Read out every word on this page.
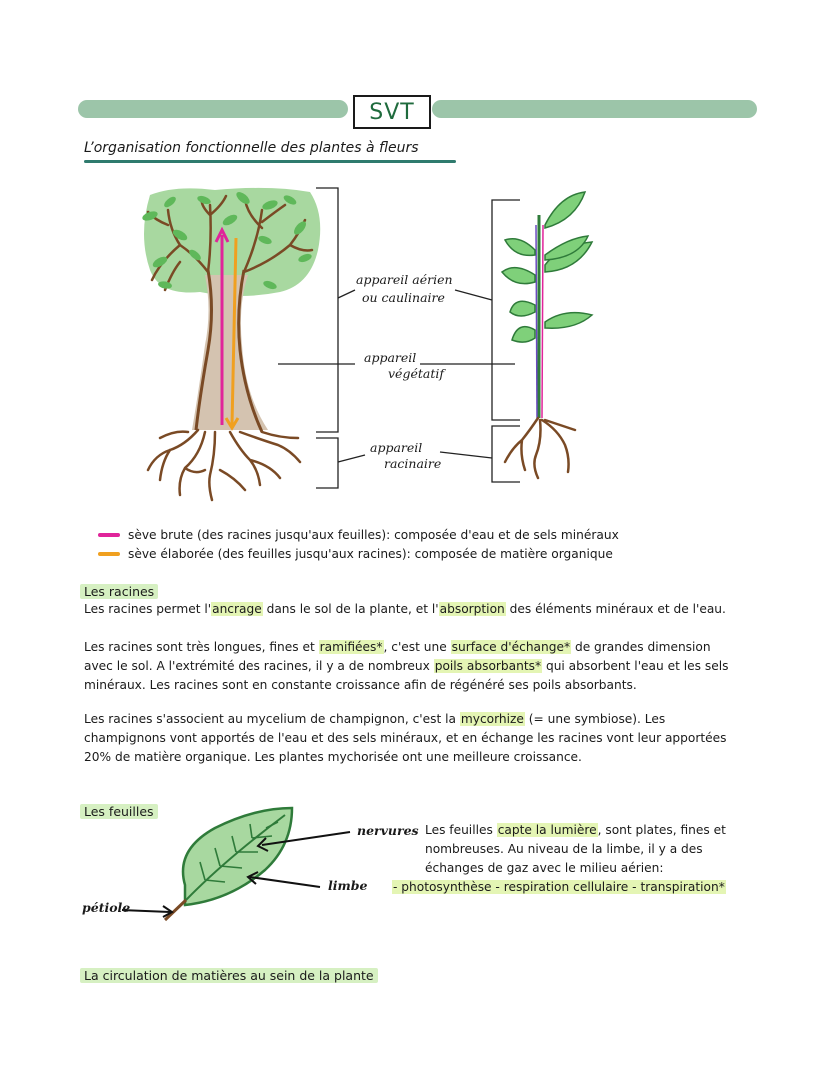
SVT
L’organisation fonctionnelle des plantes à fleurs
appareil aérien
ou caulinaire
appareil
végétatif
appareil
racinaire
sève brute (des racines jusqu'aux feuilles): composée d'eau et de sels minéraux
sève élaborée (des feuilles jusqu'aux racines): composée de matière organique
Les racines
Les racines permet l'ancrage dans le sol de la plante, et l'absorption des éléments minéraux et de l'eau.
Les racines sont très longues, fines et ramifiées*, c'est une surface d'échange* de grandes dimension
avec le sol. A l'extrémité des racines, il y a de nombreux poils absorbants* qui absorbent l'eau et les sels
minéraux. Les racines sont en constante croissance afin de régénéré ses poils absorbants.
Les racines s'associent au mycelium de champignon, c'est la mycorhize (= une symbiose). Les
champignons vont apportés de l'eau et des sels minéraux, et en échange les racines vont leur apportées
20% de matière organique. Les plantes mychorisée ont une meilleure croissance.
Les feuilles
nervures
limbe
pétiole
Les feuilles capte la lumière, sont plates, fines et
nombreuses. Au niveau de la limbe, il y a des
échanges de gaz avec le milieu aérien:
- photosynthèse - respiration cellulaire - transpiration*
La circulation de matières au sein de la plante
